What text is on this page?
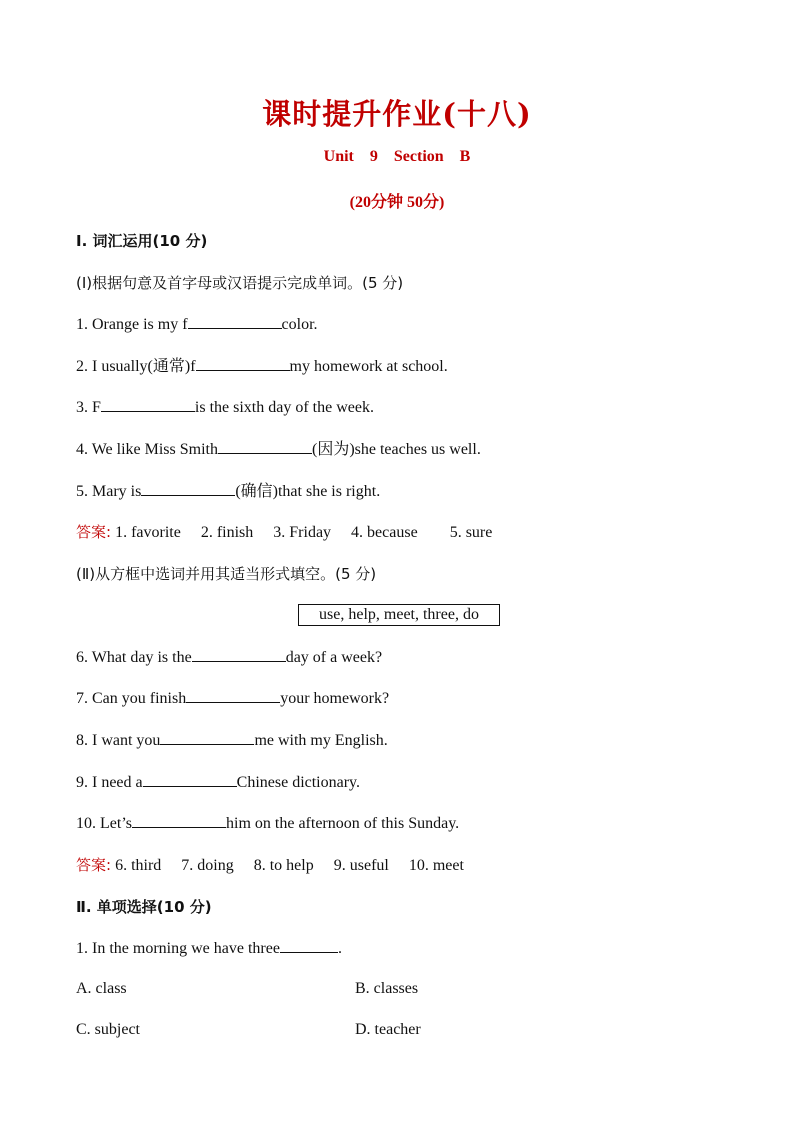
课时提升作业(十八)
Unit 9 Section B
(20分钟 50分)
Ⅰ. 词汇运用(10 分)
(Ⅰ)根据句意及首字母或汉语提示完成单词。(5 分)
1. Orange is my f	color.
2. I usually(通常)f	my homework at school.
3. F	is the sixth day of the week.
4. We like Miss Smith	(因为)she teaches us well.
5. Mary is	(确信)that she is right.
答案: 1. favorite 2. finish 3. Friday 4. because 5. sure
(Ⅱ)从方框中选词并用其适当形式填空。(5 分)
use, help, meet, three, do
6. What day is the	day of a week?
7. Can you finish	your homework?
8. I want you	me with my English.
9. I need a	Chinese dictionary.
10. Let’s	him on the afternoon of this Sunday.
答案: 6. third 7. doing 8. to help 9. useful 10. meet
Ⅱ. 单项选择(10 分)
1. In the morning we have three	.
A. class	B. classes
C. subject	D. teacher
